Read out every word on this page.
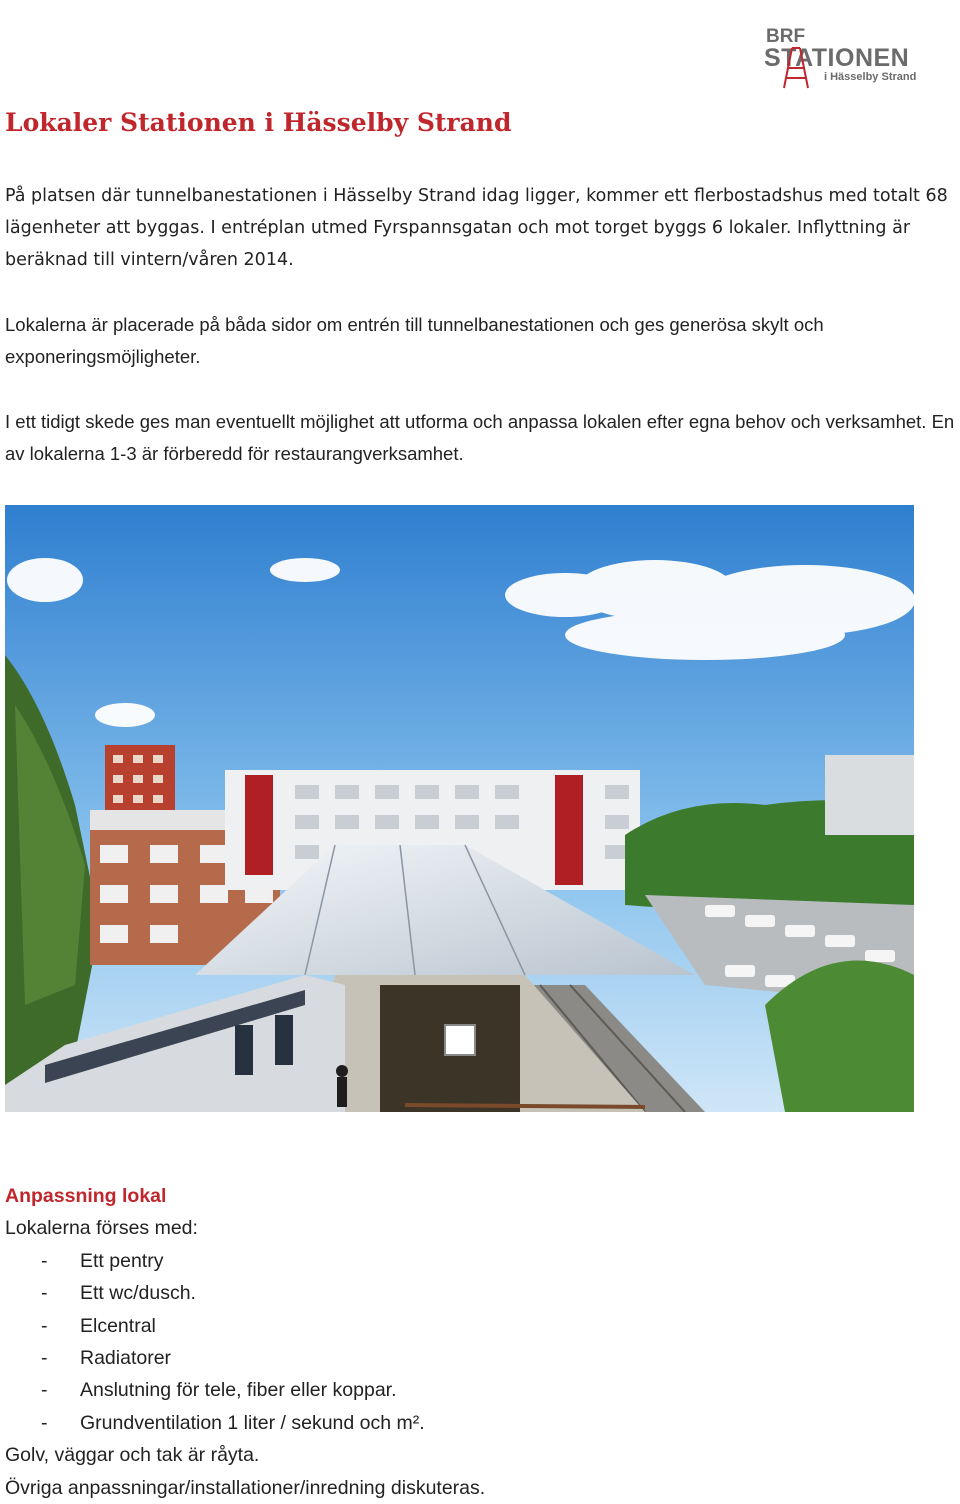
BRF
STATIONEN
i Hässelby Strand
Lokaler Stationen i Hässelby Strand

På platsen där tunnelbanestationen i Hässelby Strand idag ligger, kommer ett flerbostadshus med totalt 68 lägenheter att byggas. I entréplan utmed Fyrspannsgatan och mot torget byggs 6 lokaler. Inflyttning är beräknad till vintern/våren 2014.

Lokalerna är placerade på båda sidor om entrén till tunnelbanestationen och ges generösa skylt och exponeringsmöjligheter.

I ett tidigt skede ges man eventuellt möjlighet att utforma och anpassa lokalen efter egna behov och verksamhet. En av lokalerna 1-3 är förberedd för restaurangverksamhet.

Anpassning lokal

Lokalerna förses med:

- Ett pentry
- Ett wc/dusch.
- Elcentral
- Radiatorer
- Anslutning för tele, fiber eller koppar.
- Grundventilation 1 liter / sekund och m².

Golv, väggar och tak är råyta.

Övriga anpassningar/installationer/inredning diskuteras.
